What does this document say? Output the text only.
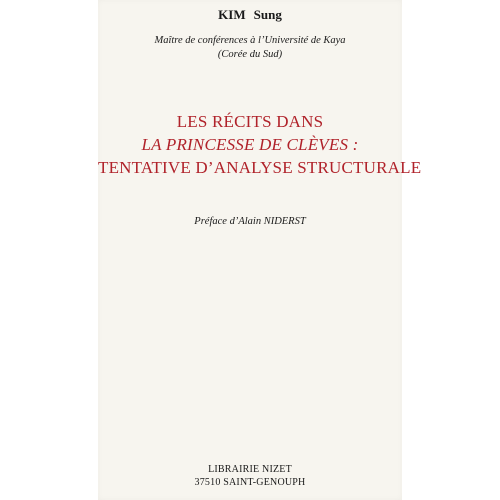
KIM Sung
Maître de conférences à l’Université de Kaya
(Corée du Sud)
LES RÉCITS DANS
LA PRINCESSE DE CLÈVES :
TENTATIVE D’ANALYSE STRUCTURALE
Préface d’Alain NIDERST
LIBRAIRIE NIZET
37510 SAINT-GENOUPH
